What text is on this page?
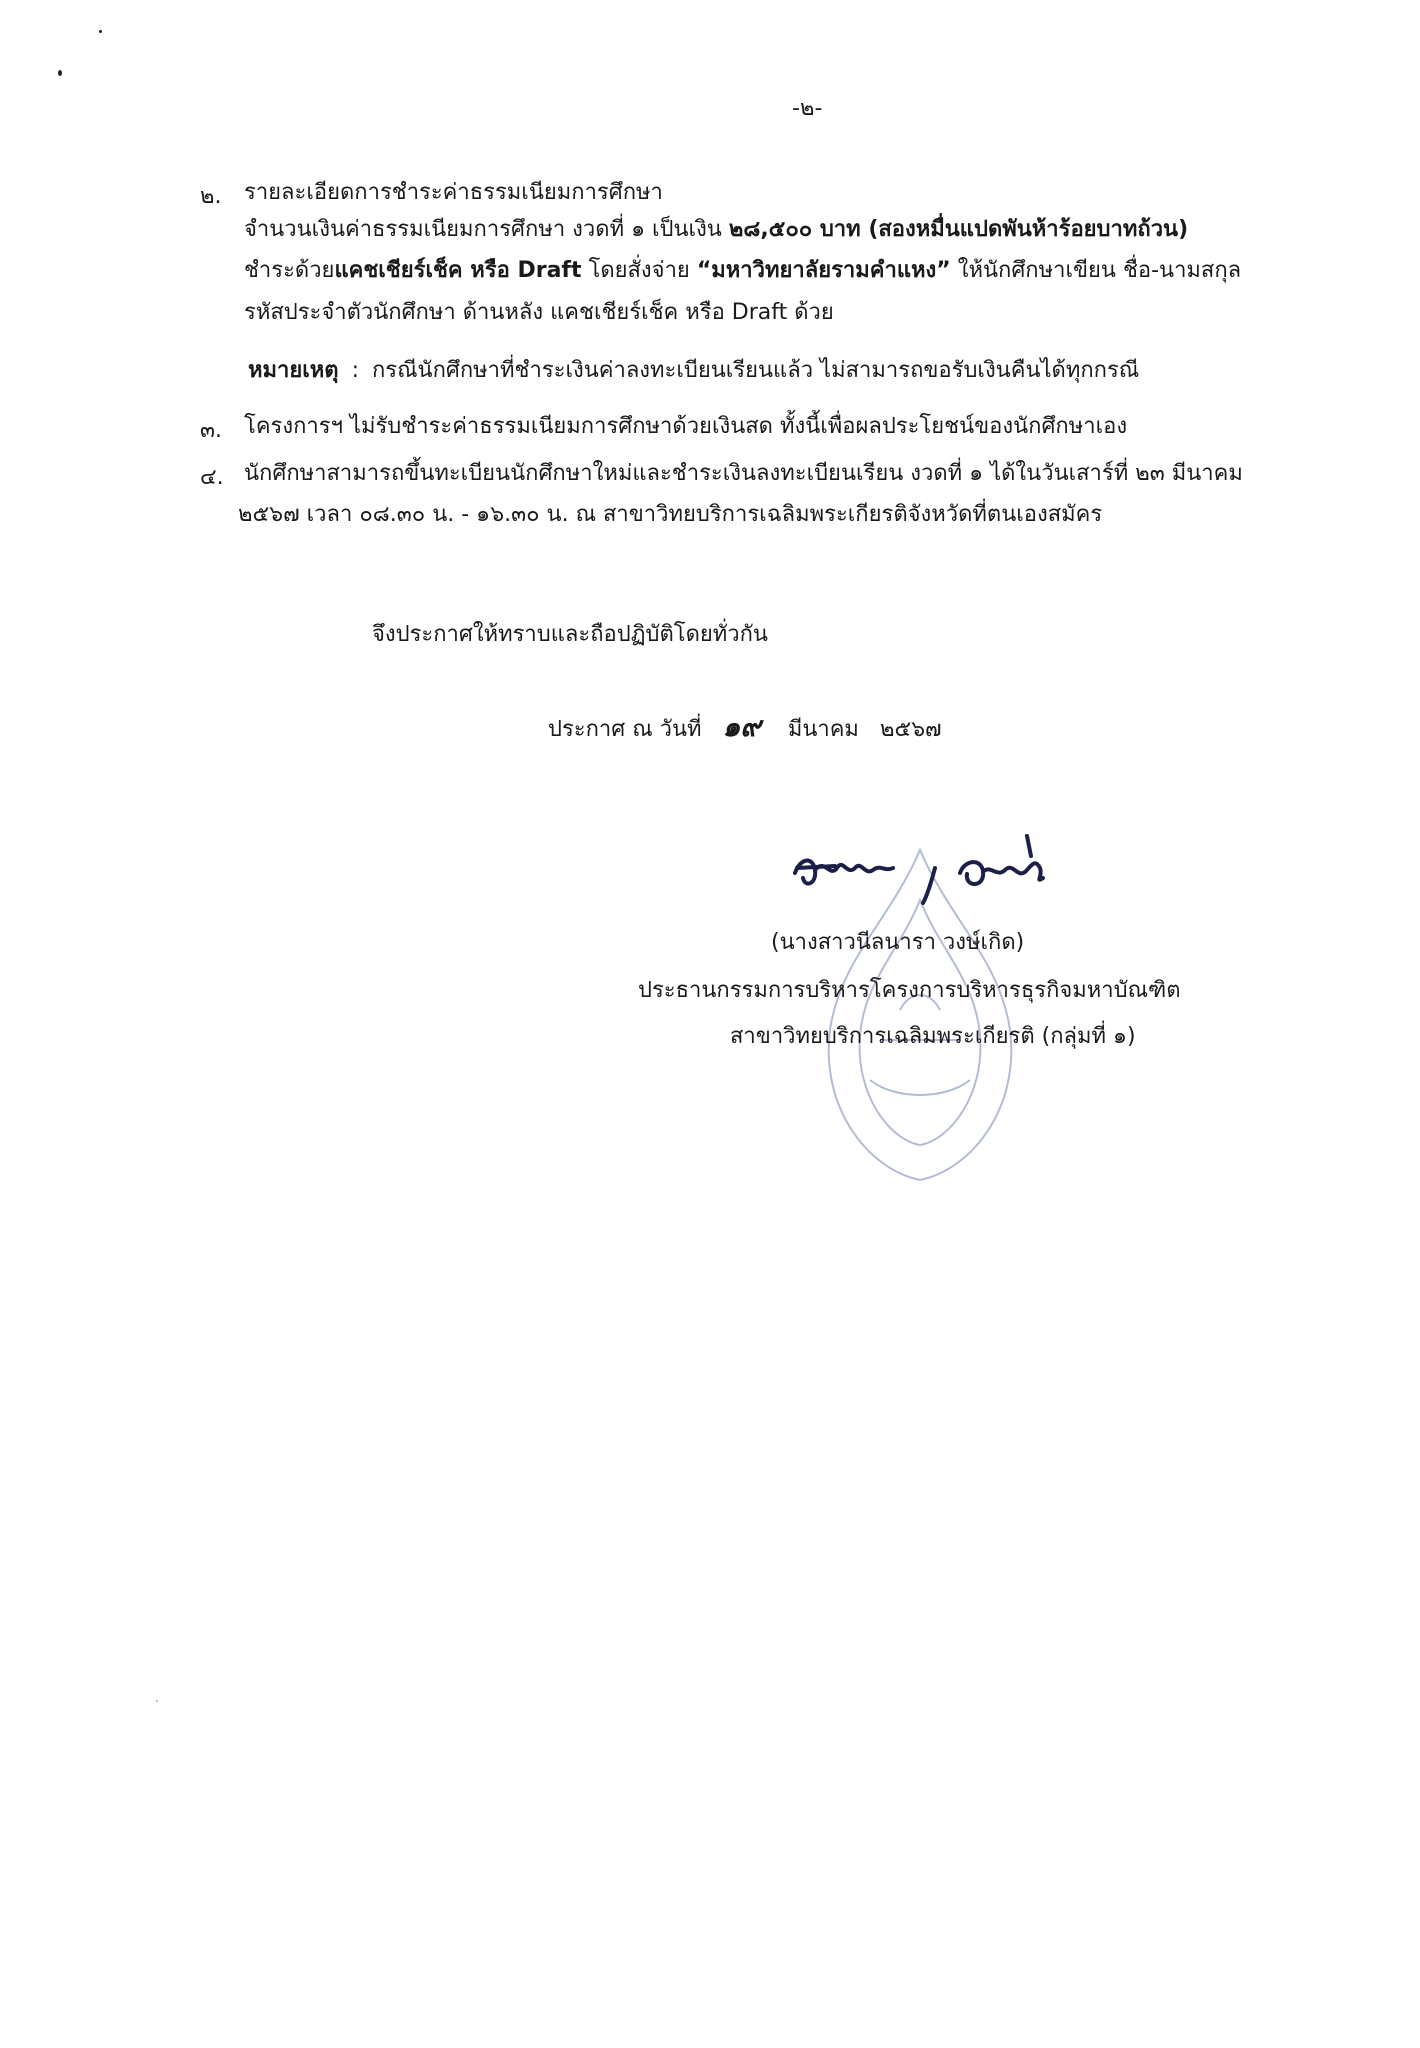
-๒-
๒. รายละเอียดการชำระค่าธรรมเนียมการศึกษา
จำนวนเงินค่าธรรมเนียมการศึกษา งวดที่ ๑ เป็นเงิน ๒๘,๕๐๐ บาท (สองหมื่นแปดพันห้าร้อยบาทถ้วน)
ชำระด้วยแคชเชียร์เช็ค หรือ Draft โดยสั่งจ่าย “มหาวิทยาลัยรามคำแหง” ให้นักศึกษาเขียน ชื่อ-นามสกุล
รหัสประจำตัวนักศึกษา ด้านหลัง แคชเชียร์เช็ค หรือ Draft ด้วย
หมายเหตุ : กรณีนักศึกษาที่ชำระเงินค่าลงทะเบียนเรียนแล้ว ไม่สามารถขอรับเงินคืนได้ทุกกรณี
๓. โครงการฯ ไม่รับชำระค่าธรรมเนียมการศึกษาด้วยเงินสด ทั้งนี้เพื่อผลประโยชน์ของนักศึกษาเอง
๔. นักศึกษาสามารถขึ้นทะเบียนนักศึกษาใหม่และชำระเงินลงทะเบียนเรียน งวดที่ ๑ ได้ในวันเสาร์ที่ ๒๓ มีนาคม
๒๕๖๗ เวลา ๐๘.๓๐ น. - ๑๖.๓๐ น. ณ สาขาวิทยบริการเฉลิมพระเกียรติจังหวัดที่ตนเองสมัคร
จึงประกาศให้ทราบและถือปฏิบัติโดยทั่วกัน
ประกาศ ณ วันที่ ๑๙ มีนาคม ๒๕๖๗
(นางสาวนีลนารา วงษ์เกิด)
ประธานกรรมการบริหารโครงการบริหารธุรกิจมหาบัณฑิต
สาขาวิทยบริการเฉลิมพระเกียรติ (กลุ่มที่ ๑)
